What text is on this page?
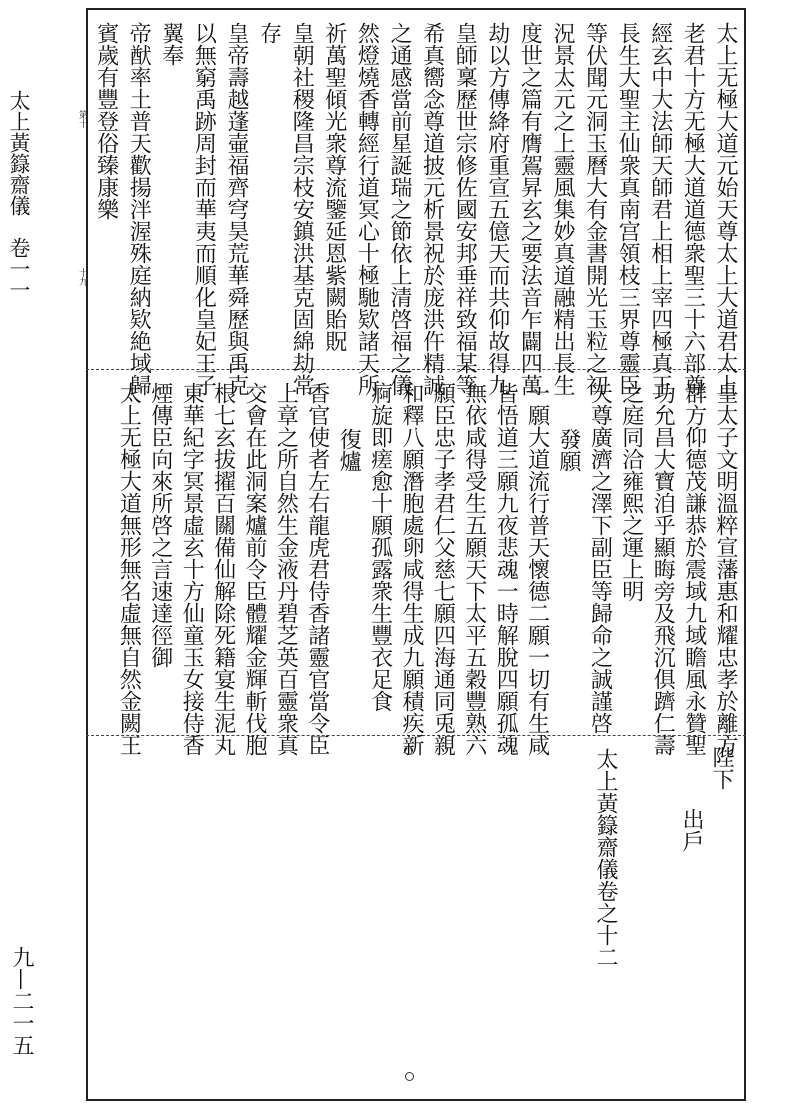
太上黃籙齋儀　卷一一
九—二一五
太上无極大道元始天尊太上大道君太上
老君十方无極大道道德衆聖三十六部尊
經玄中大法師天師君上相上宰四極真王
長生大聖主仙衆真南宫領枝三界尊靈臣
等伏聞元洞玉曆大有金書開光玉粒之初
況景太元之上靈風集妙真道融精出長生
度世之篇有膺鴐昇玄之要法音乍闢四萬
劫以方傳絳府重宣五億天而共仰故得九
皇師稟歷世宗修佐國安邦垂祥致福某等
希真嚮念尊道披元析景祝於庞洪仵精誠
之通感當前星誕瑞之節依上清啓福之儀
然燈燒香轉經行道冥心十極馳欵諸天所
祈萬聖傾光衆尊流鑒延恩紫闕貽貺
皇朝社稷隆昌宗枝安鎮洪基克固綿劫常
存
皇帝壽越蓬壷福齊穹昊荒華舜歷與禹克
以無窮禹跡周封而華夷而順化皇妃王子
翼奉
帝猷率土普天歡揚泮渥殊庭納欵絶域歸
賓歲有豐登俗臻康樂
皇太子文明溫粹宣藩惠和耀忠孝於離方
群方仰德茂謙恭於震域九域瞻風永贊聖
功允昌大寶洎乎顯晦旁及飛沉俱躋仁壽
之庭同洽雍熙之運上明
天尊廣濟之澤下副臣等歸命之誠謹啓
發願
一願大道流行普天懷德二願一切有生咸
皆悟道三願九夜悲魂一時解脫四願孤魂
無依咸得受生五願天下太平五穀豐熟六
願臣忠子孝君仁父慈七願四海通同兎親
和釋八願潛胞處卵咸得生成九願積疾新
痾旋即瘥愈十願孤露衆生豐衣足食
復爐
香官使者左右龍虎君侍香諸靈官當令臣
上章之所自然生金液丹碧芝英百靈衆真
交會在此洞案爐前令臣體耀金輝斬伐胞
根七玄拔擢百關備仙解除死籍宴生泥丸
東華紀字冥景虛玄十方仙童玉女接侍香
煙傳臣向來所啓之言速達徑御
太上无極大道無形無名虛無自然金闕王
陛下
出戶
太上黃籙齋儀卷之十二
第十
十九
